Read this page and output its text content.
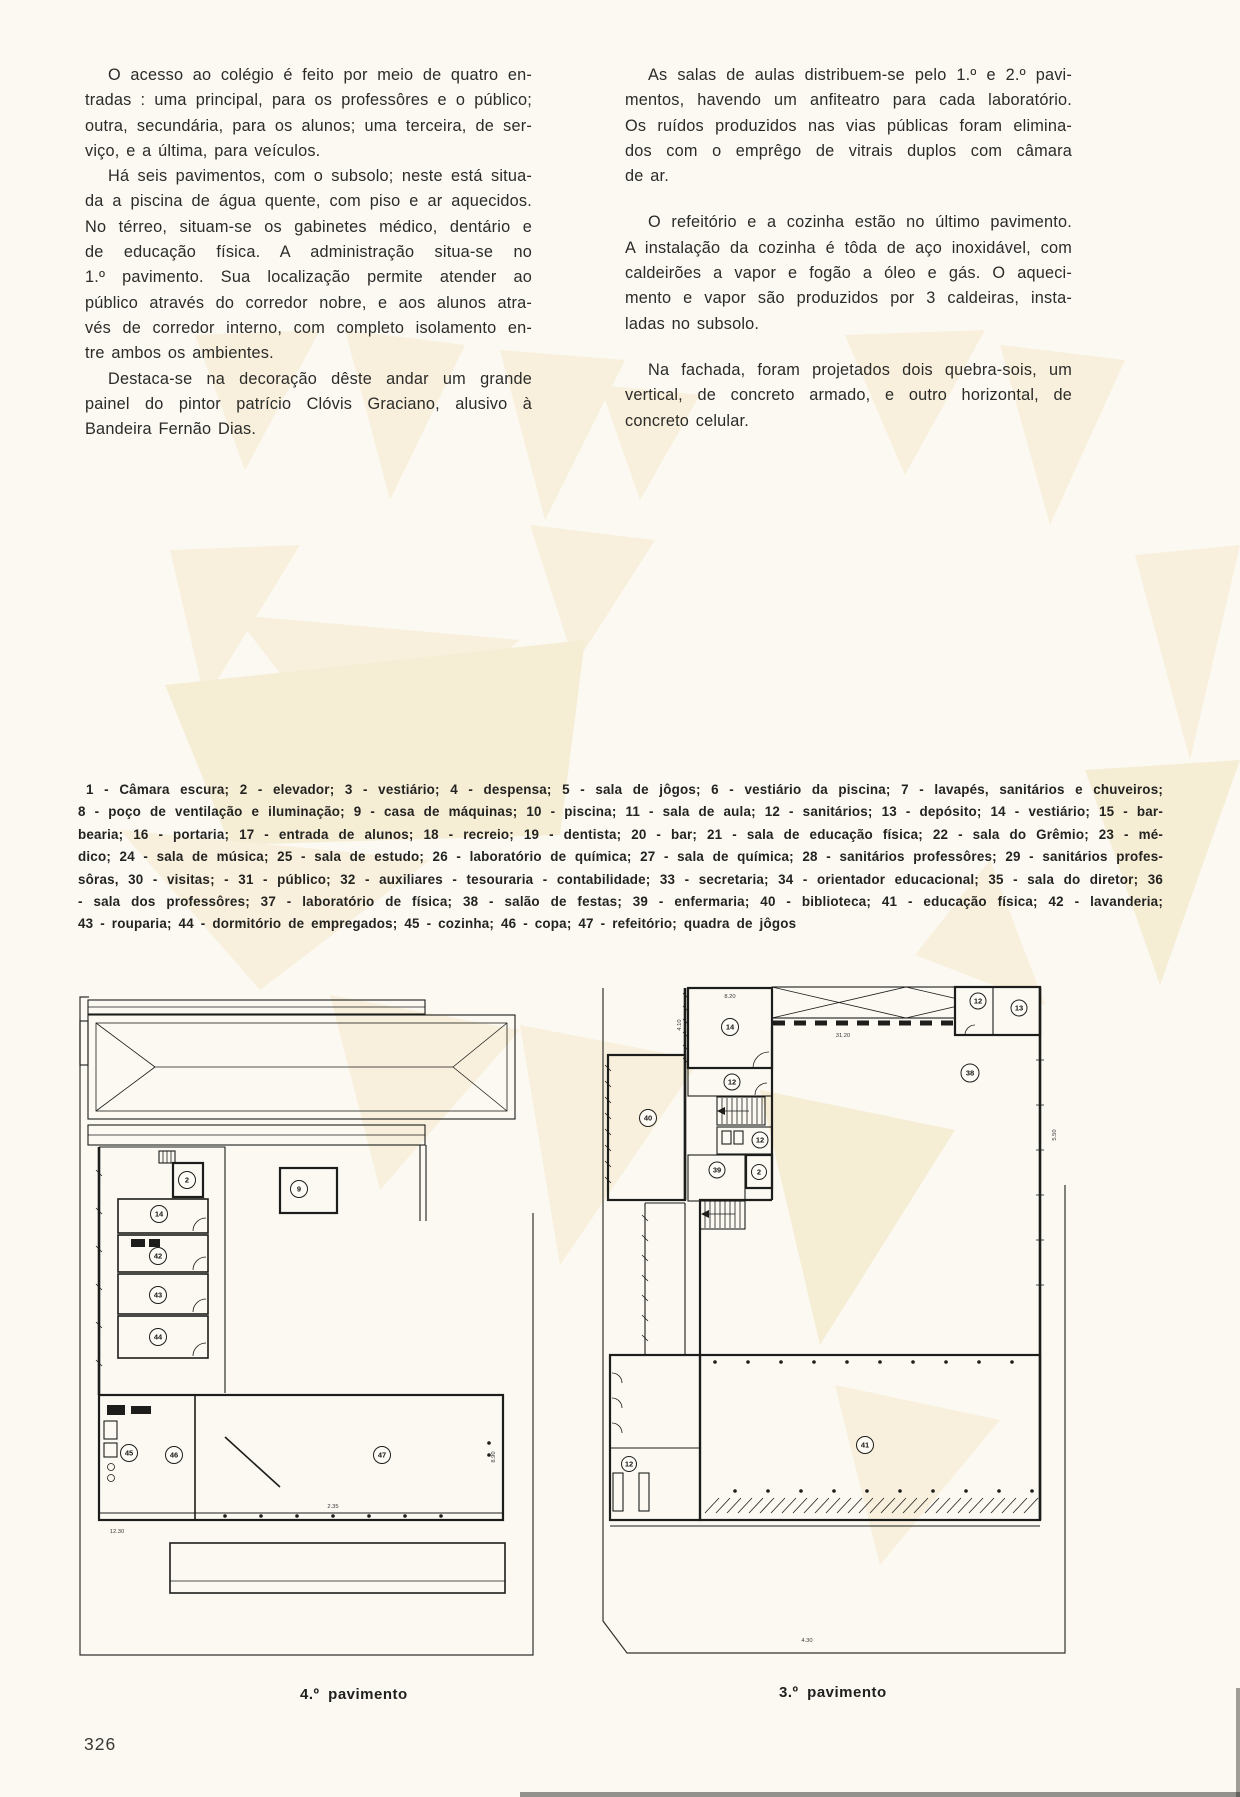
O acesso ao colégio é feito por meio de quatro en-
tradas : uma principal, para os professôres e o público;
outra, secundária, para os alunos; uma terceira, de ser-
viço, e a última, para veículos.
Há seis pavimentos, com o subsolo; neste está situa-
da a piscina de água quente, com piso e ar aquecidos.
No térreo, situam-se os gabinetes médico, dentário e
de educação física. A administração situa-se no
1.º pavimento. Sua localização permite atender ao
público através do corredor nobre, e aos alunos atra-
vés de corredor interno, com completo isolamento en-
tre ambos os ambientes.
Destaca-se na decoração dêste andar um grande
painel do pintor patrício Clóvis Graciano, alusivo à
Bandeira Fernão Dias.
As salas de aulas distribuem-se pelo 1.º e 2.º pavi-
mentos, havendo um anfiteatro para cada laboratório.
Os ruídos produzidos nas vias públicas foram elimina-
dos com o emprêgo de vitrais duplos com câmara
de ar.
O refeitório e a cozinha estão no último pavimento.
A instalação da cozinha é tôda de aço inoxidável, com
caldeirões a vapor e fogão a óleo e gás. O aqueci-
mento e vapor são produzidos por 3 caldeiras, insta-
ladas no subsolo.
Na fachada, foram projetados dois quebra-sois, um
vertical, de concreto armado, e outro horizontal, de
concreto celular.
1 - Câmara escura; 2 - elevador; 3 - vestiário; 4 - despensa; 5 - sala de jôgos; 6 - vestiário da piscina; 7 - lavapés, sanitários e chuveiros;
8 - poço de ventilação e iluminação; 9 - casa de máquinas; 10 - piscina; 11 - sala de aula; 12 - sanitários; 13 - depósito; 14 - vestiário; 15 - bar-
bearia; 16 - portaria; 17 - entrada de alunos; 18 - recreio; 19 - dentista; 20 - bar; 21 - sala de educação física; 22 - sala do Grêmio; 23 - mé-
dico; 24 - sala de música; 25 - sala de estudo; 26 - laboratório de química; 27 - sala de química; 28 - sanitários professôres; 29 - sanitários profes-
sôras, 30 - visitas; - 31 - público; 32 - auxiliares - tesouraria - contabilidade; 33 - secretaria; 34 - orientador educacional; 35 - sala do diretor; 36
- sala dos professôres; 37 - laboratório de física; 38 - salão de festas; 39 - enfermaria; 40 - biblioteca; 41 - educação física; 42 - lavanderia;
43 - rouparia; 44 - dormitório de empregados; 45 - cozinha; 46 - copa; 47 - refeitório; quadra de jôgos
2
14
42
43
44
9
45	46	47
12.30
2.35
8.90
31.20
14
8.20
4.10
12
13
38
5.50
12
12
39	2
40
41
12
4.30
4.º pavimento	3.º pavimento
326
